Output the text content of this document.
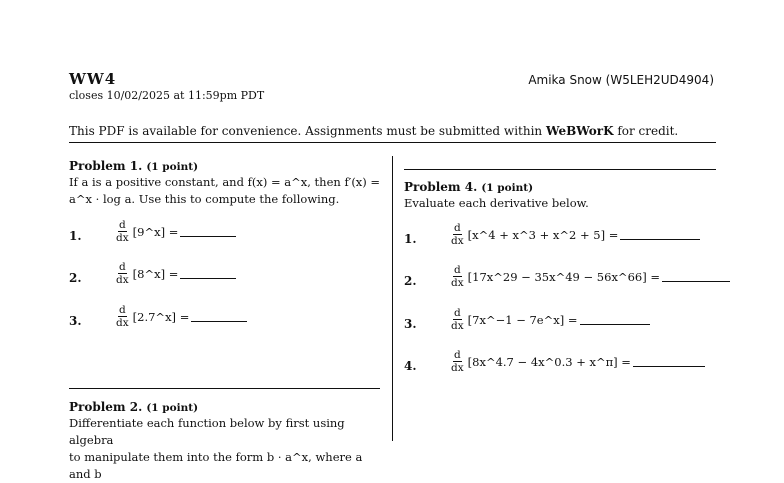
WW4
closes 10/02/2025 at 11:59pm PDT
Amika Snow (W5LEH2UD4904)
This PDF is available for convenience. Assignments must be submitted within WeBWorK for credit.
Problem 1. (1 point)
If a is a positive constant, and f(x) = a^x, then f′(x) =
a^x · log a. Use this to compute the following.
1.	$\frac{d}{dx}$ [9^x] =
2.	$\frac{d}{dx}$ [8^x] =
3.	$\frac{d}{dx}$ [2.7^x] =
Problem 2. (1 point)
Differentiate each function below by first using algebra
to manipulate them into the form b · a^x, where a and b
Problem 4. (1 point)
Evaluate each derivative below.
1.	$\frac{d}{dx}$ [x^4 + x^3 + x^2 + 5] =
2.	$\frac{d}{dx}$ [17x^29 − 35x^49 − 56x^66] =
3.	$\frac{d}{dx}$ [7x^−1 − 7e^x] =
4.	$\frac{d}{dx}$ [8x^4.7 − 4x^0.3 + x^π] =
